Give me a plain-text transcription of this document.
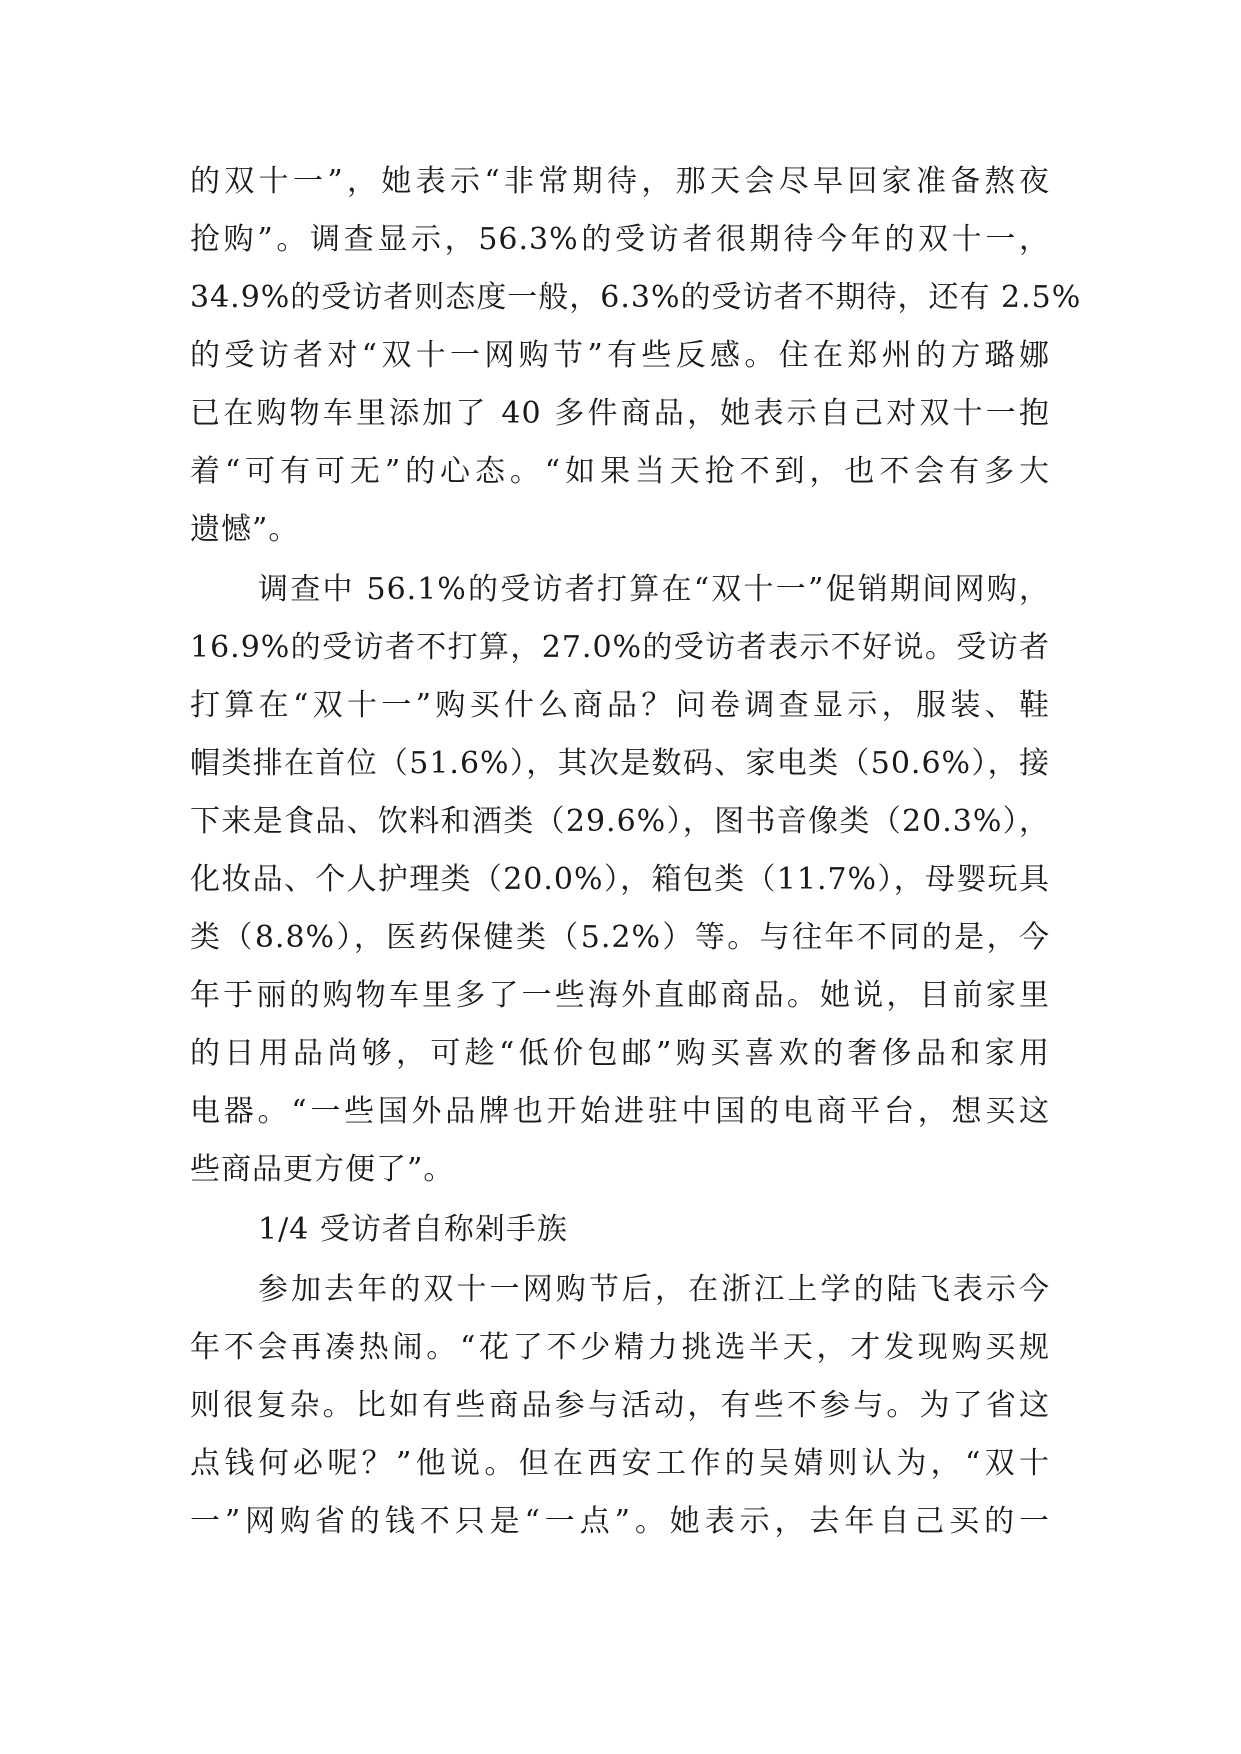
的双十一”，她表示“非常期待，那天会尽早回家准备熬夜
抢购”。调查显示，56.3%的受访者很期待今年的双十一，
34.9%的受访者则态度一般，6.3%的受访者不期待，还有 2.5%
的受访者对“双十一网购节”有些反感。住在郑州的方璐娜
已在购物车里添加了 40 多件商品，她表示自己对双十一抱
着“可有可无”的心态。“如果当天抢不到，也不会有多大
遗憾”。
调查中 56.1%的受访者打算在“双十一”促销期间网购，
16.9%的受访者不打算，27.0%的受访者表示不好说。受访者
打算在“双十一”购买什么商品？问卷调查显示，服装、鞋
帽类排在首位（51.6%），其次是数码、家电类（50.6%），接
下来是食品、饮料和酒类（29.6%），图书音像类（20.3%），
化妆品、个人护理类（20.0%），箱包类（11.7%），母婴玩具
类（8.8%），医药保健类（5.2%）等。与往年不同的是，今
年于丽的购物车里多了一些海外直邮商品。她说，目前家里
的日用品尚够，可趁“低价包邮”购买喜欢的奢侈品和家用
电器。“一些国外品牌也开始进驻中国的电商平台，想买这
些商品更方便了”。
1/4 受访者自称剁手族
参加去年的双十一网购节后，在浙江上学的陆飞表示今
年不会再凑热闹。“花了不少精力挑选半天，才发现购买规
则很复杂。比如有些商品参与活动，有些不参与。为了省这
点钱何必呢？”他说。但在西安工作的吴婧则认为，“双十
一”网购省的钱不只是“一点”。她表示，去年自己买的一
